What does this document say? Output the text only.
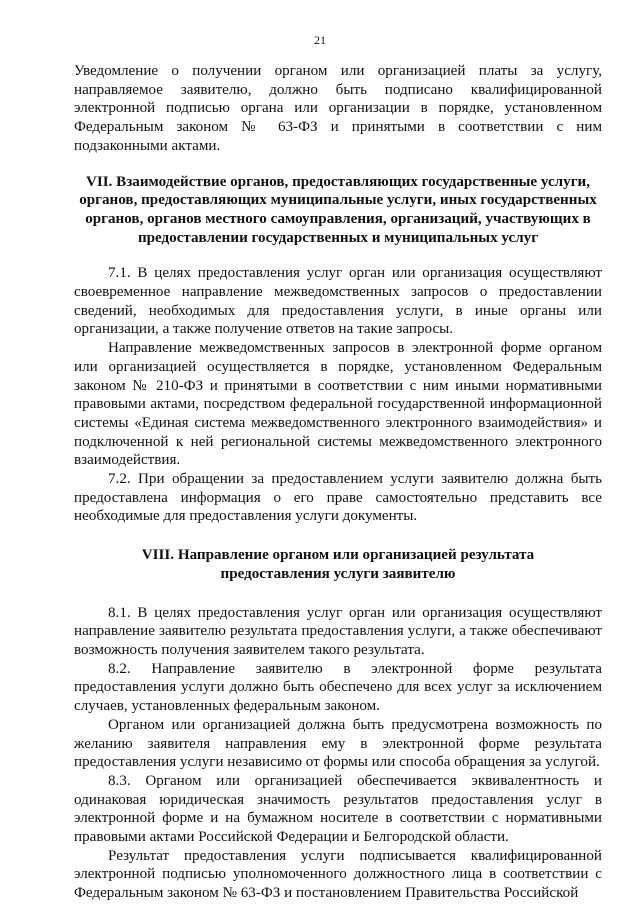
21

Уведомление о получении органом или организацией платы за услугу, направляемое заявителю, должно быть подписано квалифицированной электронной подписью органа или организации в порядке, установленном Федеральным законом № 63-ФЗ и принятыми в соответствии с ним подзаконными актами.

VII. Взаимодействие органов, предоставляющих государственные услуги, органов, предоставляющих муниципальные услуги, иных государственных органов, органов местного самоуправления, организаций, участвующих в предоставлении государственных и муниципальных услуг

7.1. В целях предоставления услуг орган или организация осуществляют своевременное направление межведомственных запросов о предоставлении сведений, необходимых для предоставления услуги, в иные органы или организации, а также получение ответов на такие запросы.

Направление межведомственных запросов в электронной форме органом или организацией осуществляется в порядке, установленном Федеральным законом № 210-ФЗ и принятыми в соответствии с ним иными нормативными правовыми актами, посредством федеральной государственной информационной системы «Единая система межведомственного электронного взаимодействия» и подключенной к ней региональной системы межведомственного электронного взаимодействия.

7.2. При обращении за предоставлением услуги заявителю должна быть предоставлена информация о его праве самостоятельно представить все необходимые для предоставления услуги документы.

VIII. Направление органом или организацией результата предоставления услуги заявителю

8.1. В целях предоставления услуг орган или организация осуществляют направление заявителю результата предоставления услуги, а также обеспечивают возможность получения заявителем такого результата.

8.2. Направление заявителю в электронной форме результата предоставления услуги должно быть обеспечено для всех услуг за исключением случаев, установленных федеральным законом.

Органом или организацией должна быть предусмотрена возможность по желанию заявителя направления ему в электронной форме результата предоставления услуги независимо от формы или способа обращения за услугой.

8.3. Органом или организацией обеспечивается эквивалентность и одинаковая юридическая значимость результатов предоставления услуг в электронной форме и на бумажном носителе в соответствии с нормативными правовыми актами Российской Федерации и Белгородской области.

Результат предоставления услуги подписывается квалифицированной электронной подписью уполномоченного должностного лица в соответствии с Федеральным законом № 63-ФЗ и постановлением Правительства Российской
